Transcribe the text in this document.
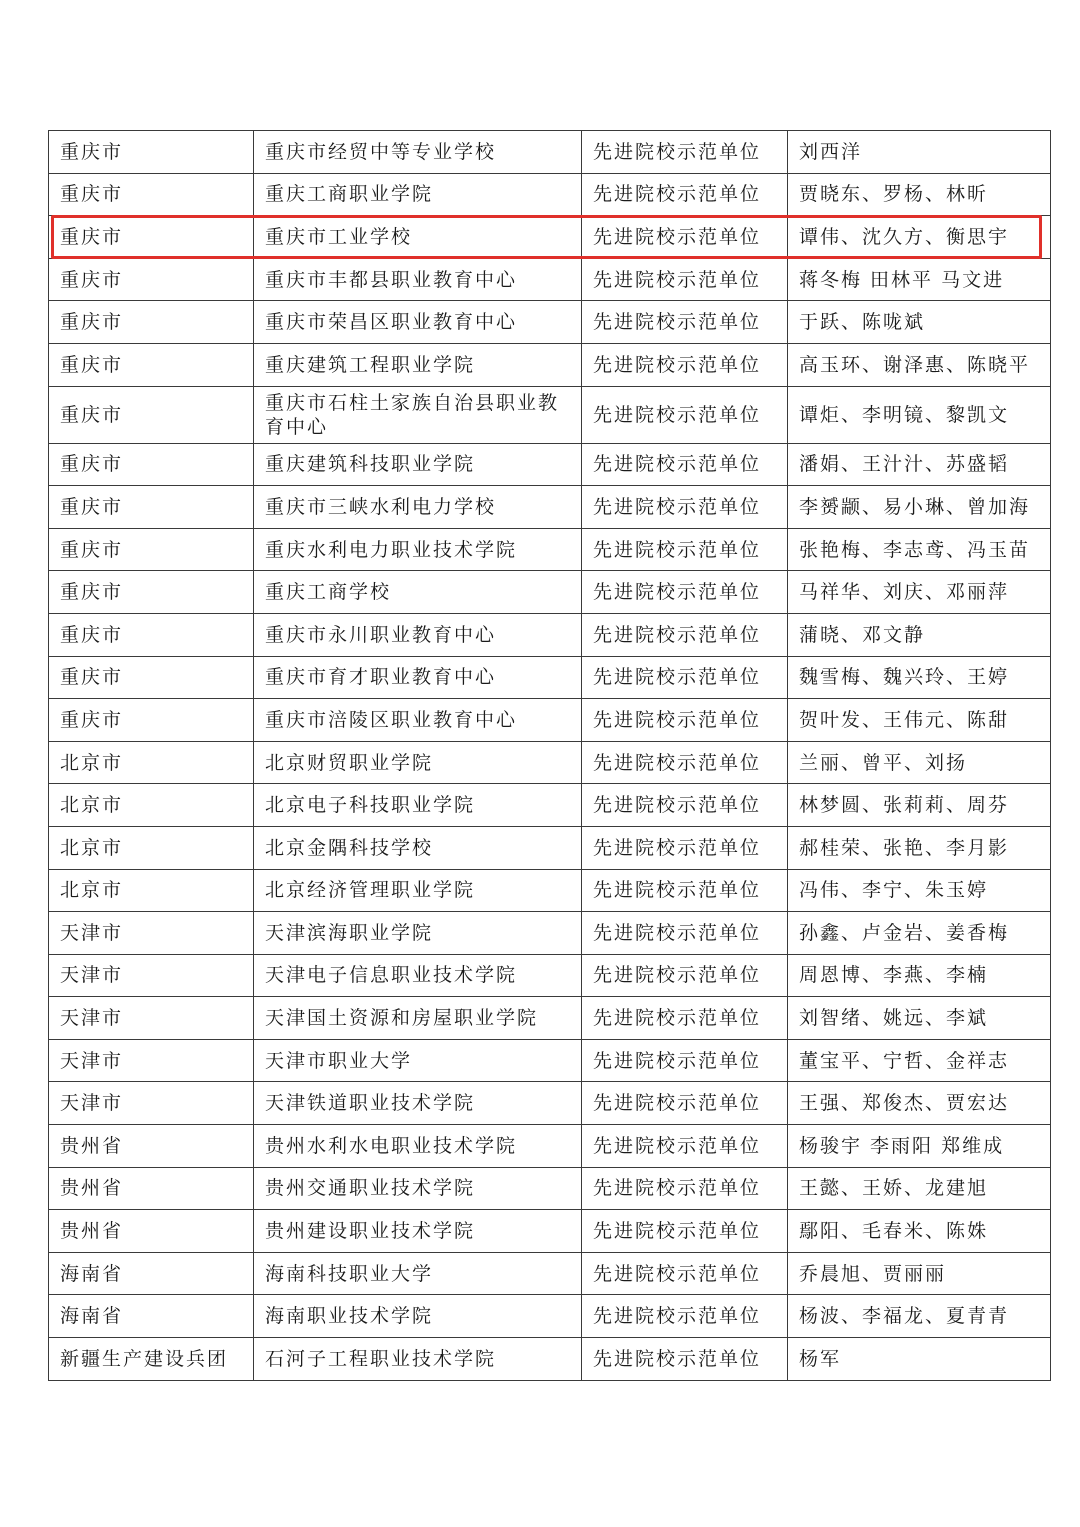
重庆市	重庆市经贸中等专业学校	先进院校示范单位	刘西洋
重庆市	重庆工商职业学院	先进院校示范单位	贾晓东、罗杨、林昕
重庆市	重庆市工业学校	先进院校示范单位	谭伟、沈久方、衡思宇
重庆市	重庆市丰都县职业教育中心	先进院校示范单位	蒋冬梅 田林平 马文进
重庆市	重庆市荣昌区职业教育中心	先进院校示范单位	于跃、陈咙斌
重庆市	重庆建筑工程职业学院	先进院校示范单位	高玉环、谢泽惠、陈晓平
重庆市	重庆市石柱土家族自治县职业教育中心	先进院校示范单位	谭炬、李明镜、黎凯文
重庆市	重庆建筑科技职业学院	先进院校示范单位	潘娟、王汁汁、苏盛韬
重庆市	重庆市三峡水利电力学校	先进院校示范单位	李赟颛、易小琳、曾加海
重庆市	重庆水利电力职业技术学院	先进院校示范单位	张艳梅、李志鸢、冯玉苗
重庆市	重庆工商学校	先进院校示范单位	马祥华、刘庆、邓丽萍
重庆市	重庆市永川职业教育中心	先进院校示范单位	蒲晓、邓文静
重庆市	重庆市育才职业教育中心	先进院校示范单位	魏雪梅、魏兴玲、王婷
重庆市	重庆市涪陵区职业教育中心	先进院校示范单位	贺叶发、王伟元、陈甜
北京市	北京财贸职业学院	先进院校示范单位	兰丽、曾平、刘扬
北京市	北京电子科技职业学院	先进院校示范单位	林梦圆、张莉莉、周芬
北京市	北京金隅科技学校	先进院校示范单位	郝桂荣、张艳、李月影
北京市	北京经济管理职业学院	先进院校示范单位	冯伟、李宁、朱玉婷
天津市	天津滨海职业学院	先进院校示范单位	孙鑫、卢金岩、姜香梅
天津市	天津电子信息职业技术学院	先进院校示范单位	周恩博、李燕、李楠
天津市	天津国土资源和房屋职业学院	先进院校示范单位	刘智绪、姚远、李斌
天津市	天津市职业大学	先进院校示范单位	董宝平、宁哲、金祥志
天津市	天津铁道职业技术学院	先进院校示范单位	王强、郑俊杰、贾宏达
贵州省	贵州水利水电职业技术学院	先进院校示范单位	杨骏宇 李雨阳 郑维成
贵州省	贵州交通职业技术学院	先进院校示范单位	王懿、王娇、龙建旭
贵州省	贵州建设职业技术学院	先进院校示范单位	鄢阳、毛春米、陈姝
海南省	海南科技职业大学	先进院校示范单位	乔晨旭、贾丽丽
海南省	海南职业技术学院	先进院校示范单位	杨波、李福龙、夏青青
新疆生产建设兵团	石河子工程职业技术学院	先进院校示范单位	杨军
